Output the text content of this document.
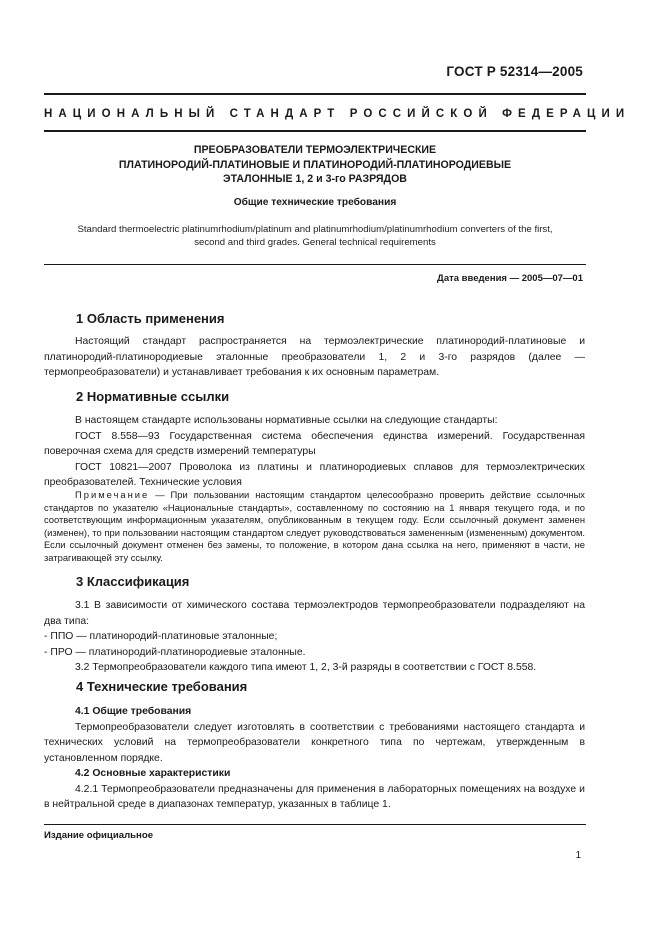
ГОСТ Р 52314—2005
НАЦИОНАЛЬНЫЙ СТАНДАРТ РОССИЙСКОЙ ФЕДЕРАЦИИ
ПРЕОБРАЗОВАТЕЛИ ТЕРМОЭЛЕКТРИЧЕСКИЕ
ПЛАТИНОРОДИЙ-ПЛАТИНОВЫЕ И ПЛАТИНОРОДИЙ-ПЛАТИНОРОДИЕВЫЕ
ЭТАЛОННЫЕ 1, 2 и 3-го РАЗРЯДОВ
Общие технические требования
Standard thermoelectric platinumrhodium/platinum and platinumrhodium/platinumrhodium converters of the first,
second and third grades. General technical requirements
Дата введения — 2005—07—01
1 Область применения

Настоящий стандарт распространяется на термоэлектрические платинородий-платиновые и платинородий-платинородиевые эталонные преобразователи 1, 2 и 3-го разрядов (далее — термопреобразователи) и устанавливает требования к их основным параметрам.

2 Нормативные ссылки

В настоящем стандарте использованы нормативные ссылки на следующие стандарты:

ГОСТ 8.558—93 Государственная система обеспечения единства измерений. Государственная поверочная схема для средств измерений температуры

ГОСТ 10821—2007 Проволока из платины и платинородиевых сплавов для термоэлектрических преобразователей. Технические условия

Примечание — При пользовании настоящим стандартом целесообразно проверить действие ссылочных стандартов по указателю «Национальные стандарты», составленному по состоянию на 1 января текущего года, и по соответствующим информационным указателям, опубликованным в текущем году. Если ссылочный документ заменен (изменен), то при пользовании настоящим стандартом следует руководствоваться замененным (измененным) документом. Если ссылочный документ отменен без замены, то положение, в котором дана ссылка на него, применяют в части, не затрагивающей эту ссылку.

3 Классификация

3.1 В зависимости от химического состава термоэлектродов термопреобразователи подразделяют на два типа:

- ППО — платинородий-платиновые эталонные;

- ПРО — платинородий-платинородиевые эталонные.

3.2 Термопреобразователи каждого типа имеют 1, 2, 3-й разряды в соответствии с ГОСТ 8.558.

4 Технические требования

4.1 Общие требования

Термопреобразователи следует изготовлять в соответствии с требованиями настоящего стандарта и технических условий на термопреобразователи конкретного типа по чертежам, утвержденным в установленном порядке.

4.2 Основные характеристики

4.2.1 Термопреобразователи предназначены для применения в лабораторных помещениях на воздухе и в нейтральной среде в диапазонах температур, указанных в таблице 1.

Издание официальное
1
